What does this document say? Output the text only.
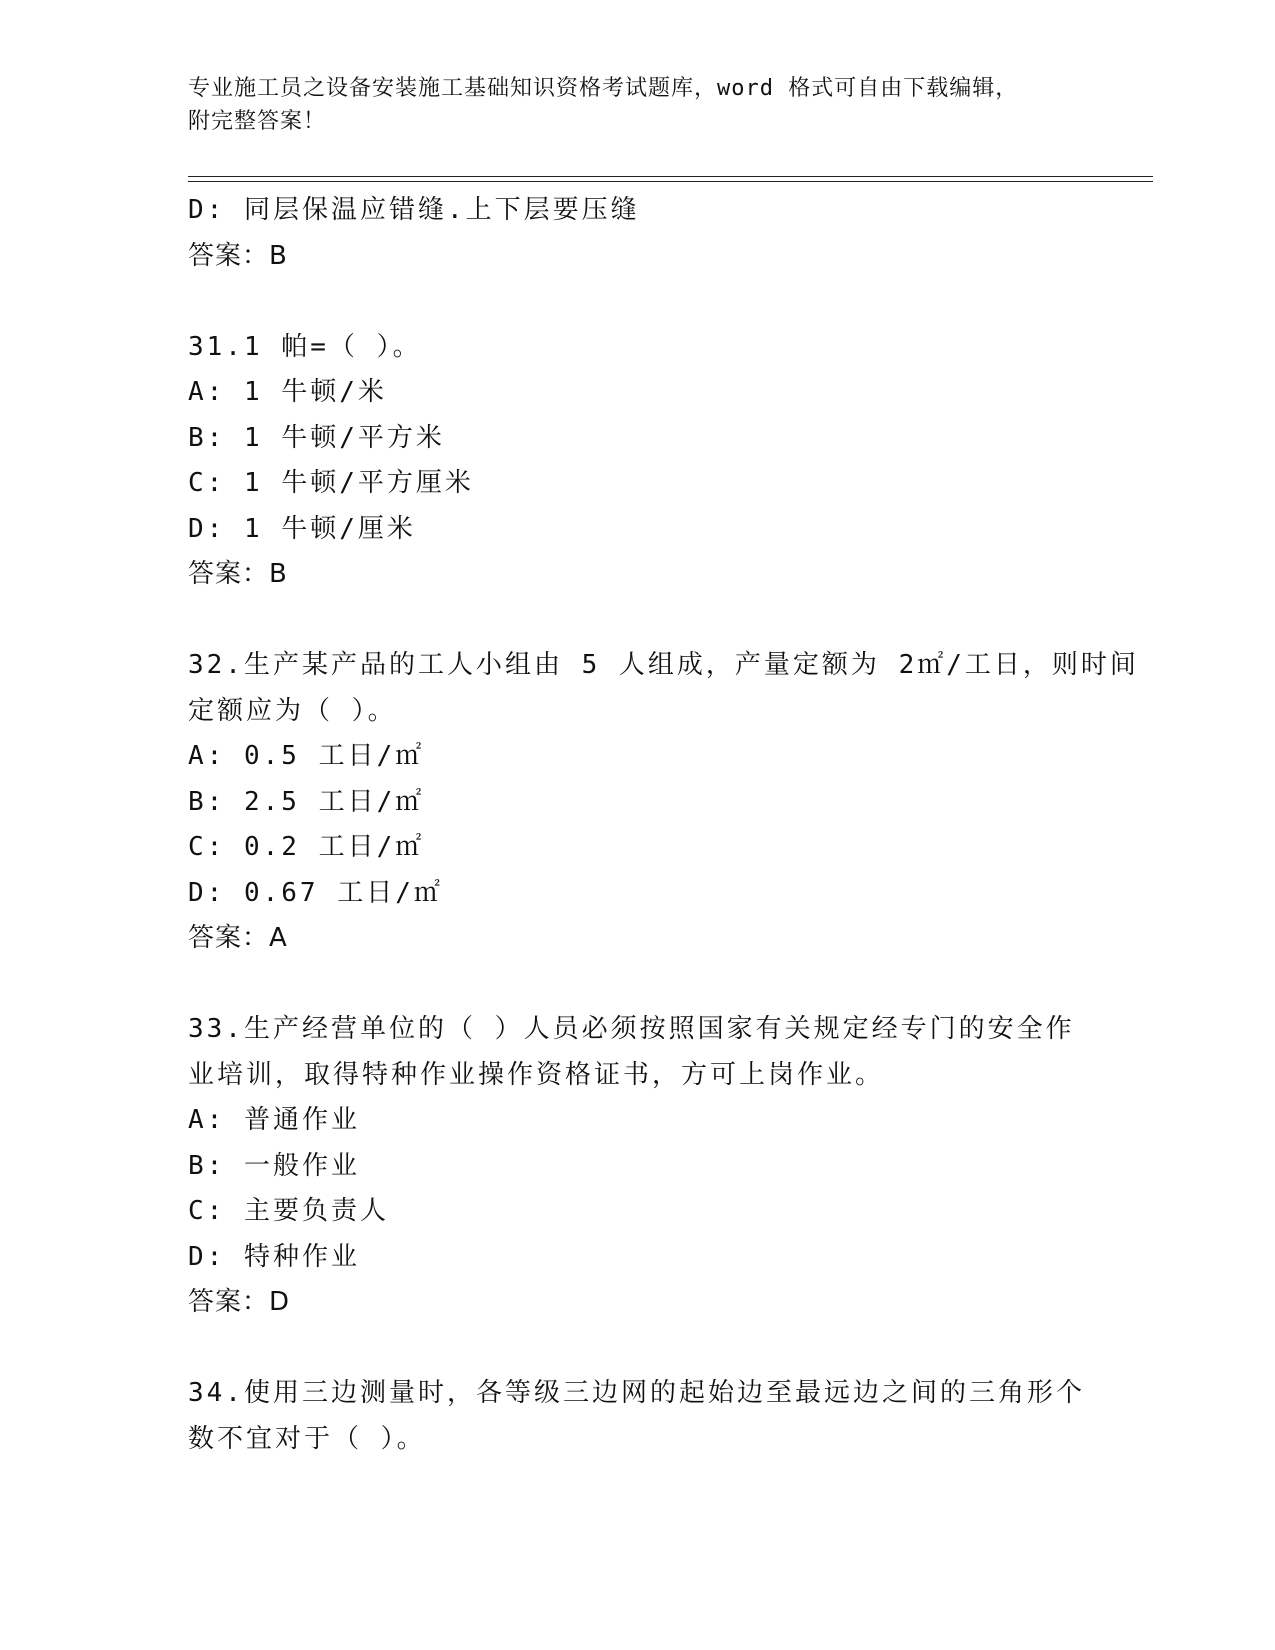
专业施工员之设备安装施工基础知识资格考试题库，word 格式可自由下载编辑，
附完整答案！
D: 同层保温应错缝.上下层要压缝
答案：B
31.1 帕=（ ）。
A: 1 牛顿/米
B: 1 牛顿/平方米
C: 1 牛顿/平方厘米
D: 1 牛顿/厘米
答案：B
32.生产某产品的工人小组由 5 人组成，产量定额为 2㎡/工日，则时间
定额应为（ ）。
A: 0.5 工日/㎡
B: 2.5 工日/㎡
C: 0.2 工日/㎡
D: 0.67 工日/㎡
答案：A
33.生产经营单位的（ ）人员必须按照国家有关规定经专门的安全作
业培训，取得特种作业操作资格证书，方可上岗作业。
A: 普通作业
B: 一般作业
C: 主要负责人
D: 特种作业
答案：D
34.使用三边测量时，各等级三边网的起始边至最远边之间的三角形个
数不宜对于（ ）。
